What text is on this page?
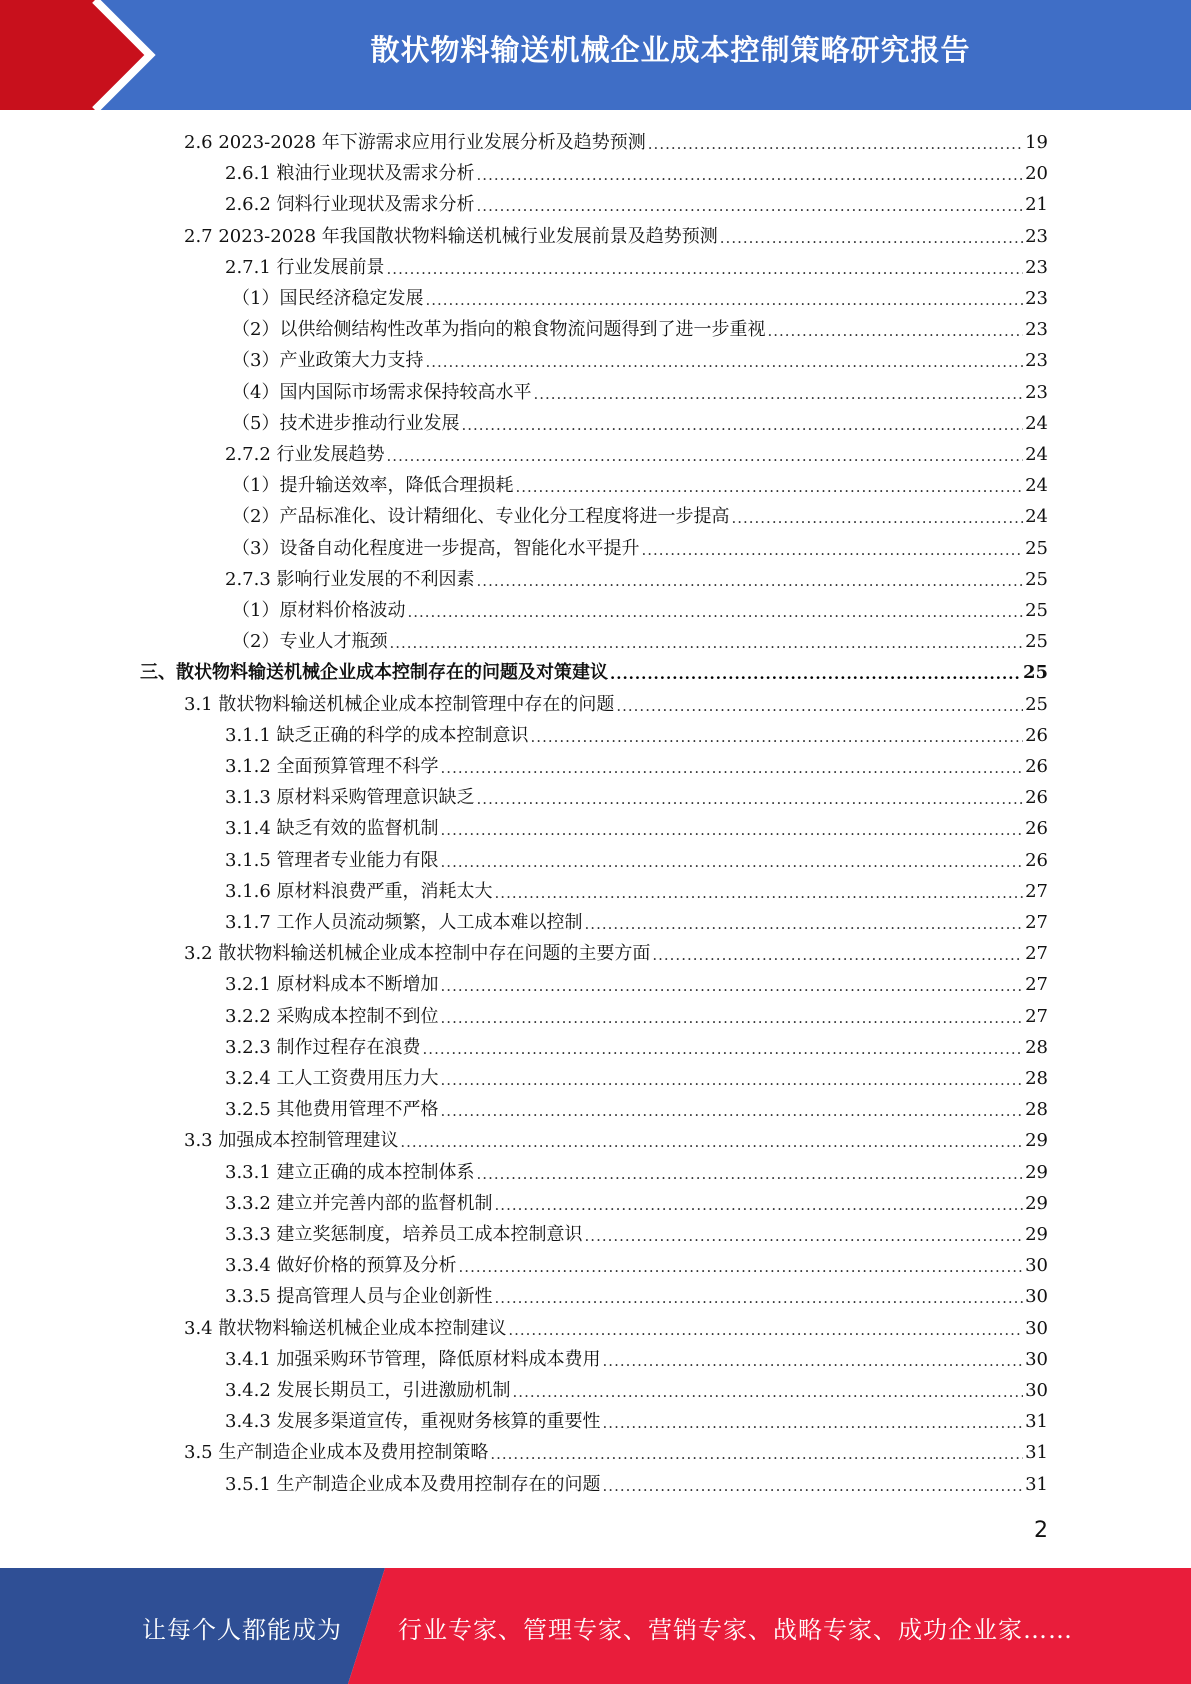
散状物料输送机械企业成本控制策略研究报告
2.6 2023-2028 年下游需求应用行业发展分析及趋势预测 .....	19
2.6.1 粮油行业现状及需求分析 .....	20
2.6.2 饲料行业现状及需求分析 .....	21
2.7 2023-2028 年我国散状物料输送机械行业发展前景及趋势预测 .....	23
2.7.1 行业发展前景 .....	23
（1）国民经济稳定发展 .....	23
（2）以供给侧结构性改革为指向的粮食物流问题得到了进一步重视 .....	23
（3）产业政策大力支持 .....	23
（4）国内国际市场需求保持较高水平 .....	23
（5）技术进步推动行业发展 .....	24
2.7.2 行业发展趋势 .....	24
（1）提升输送效率，降低合理损耗 .....	24
（2）产品标准化、设计精细化、专业化分工程度将进一步提高 .....	24
（3）设备自动化程度进一步提高，智能化水平提升 .....	25
2.7.3 影响行业发展的不利因素 .....	25
（1）原材料价格波动 .....	25
（2）专业人才瓶颈 .....	25
三、散状物料输送机械企业成本控制存在的问题及对策建议 .....	25
3.1 散状物料输送机械企业成本控制管理中存在的问题 .....	25
3.1.1 缺乏正确的科学的成本控制意识 .....	26
3.1.2 全面预算管理不科学 .....	26
3.1.3 原材料采购管理意识缺乏 .....	26
3.1.4 缺乏有效的监督机制 .....	26
3.1.5 管理者专业能力有限 .....	26
3.1.6 原材料浪费严重，消耗太大 .....	27
3.1.7 工作人员流动频繁，人工成本难以控制 .....	27
3.2 散状物料输送机械企业成本控制中存在问题的主要方面 .....	27
3.2.1 原材料成本不断增加 .....	27
3.2.2 采购成本控制不到位 .....	27
3.2.3 制作过程存在浪费 .....	28
3.2.4 工人工资费用压力大 .....	28
3.2.5 其他费用管理不严格 .....	28
3.3 加强成本控制管理建议 .....	29
3.3.1 建立正确的成本控制体系 .....	29
3.3.2 建立并完善内部的监督机制 .....	29
3.3.3 建立奖惩制度，培养员工成本控制意识 .....	29
3.3.4 做好价格的预算及分析 .....	30
3.3.5 提高管理人员与企业创新性 .....	30
3.4 散状物料输送机械企业成本控制建议 .....	30
3.4.1 加强采购环节管理，降低原材料成本费用 .....	30
3.4.2 发展长期员工，引进激励机制 .....	30
3.4.3 发展多渠道宣传，重视财务核算的重要性 .....	31
3.5 生产制造企业成本及费用控制策略 .....	31
3.5.1 生产制造企业成本及费用控制存在的问题 .....	31
2
让每个人都能成为 行业专家、管理专家、营销专家、战略专家、成功企业家……
